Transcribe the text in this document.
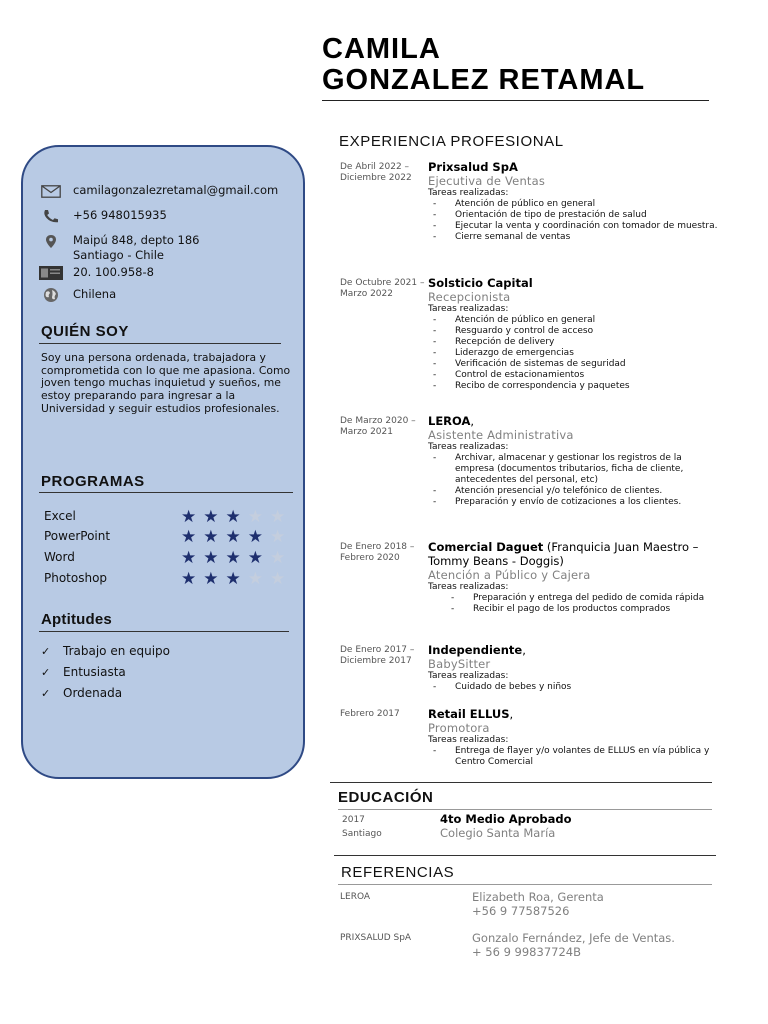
CAMILA
GONZALEZ RETAMAL
camilagonzalezretamal@gmail.com
+56 948015935
Maipú 848, depto 186
Santiago - Chile
20. 100.958-8
Chilena
QUIÉN SOY
Soy una persona ordenada, trabajadora y comprometida con lo que me apasiona. Como joven tengo muchas inquietud y sueños, me estoy preparando para ingresar a la Universidad y seguir estudios profesionales.
PROGRAMAS
Excel	★★★★★
PowerPoint	★★★★★
Word	★★★★★
Photoshop	★★★★★
Aptitudes
✓ Trabajo en equipo
✓ Entusiasta
✓ Ordenada
EXPERIENCIA PROFESIONAL
De Abril 2022 – Diciembre 2022
Prixsalud SpA
Ejecutiva de Ventas
Tareas realizadas:
- Atención de público en general
- Orientación de tipo de prestación de salud
- Ejecutar la venta y coordinación con tomador de muestra.
- Cierre semanal de ventas
De Octubre 2021 – Marzo 2022
Solsticio Capital
Recepcionista
Tareas realizadas:
- Atención de público en general
- Resguardo y control de acceso
- Recepción de delivery
- Liderazgo de emergencias
- Verificación de sistemas de seguridad
- Control de estacionamientos
- Recibo de correspondencia y paquetes
De Marzo 2020 – Marzo 2021
LEROA,
Asistente Administrativa
Tareas realizadas:
- Archivar, almacenar y gestionar los registros de la empresa (documentos tributarios, ficha de cliente, antecedentes del personal, etc)
- Atención presencial y/o telefónico de clientes.
- Preparación y envío de cotizaciones a los clientes.
De Enero 2018 – Febrero 2020
Comercial Daguet (Franquicia Juan Maestro – Tommy Beans - Doggis)
Atención a Público y Cajera
Tareas realizadas:
- Preparación y entrega del pedido de comida rápida
- Recibir el pago de los productos comprados
De Enero 2017 – Diciembre 2017
Independiente,
BabySitter
Tareas realizadas:
- Cuidado de bebes y niños
Febrero 2017	Retail ELLUS,
Promotora
Tareas realizadas:
- Entrega de flayer y/o volantes de ELLUS en vía pública y Centro Comercial
EDUCACIÓN
2017	4to Medio Aprobado
Santiago	Colegio Santa María
REFERENCIAS
LEROA	Elizabeth Roa, Gerenta
+56 9 77587526
PRIXSALUD SpA	Gonzalo Fernández, Jefe de Ventas.
+ 56 9 99837724B
